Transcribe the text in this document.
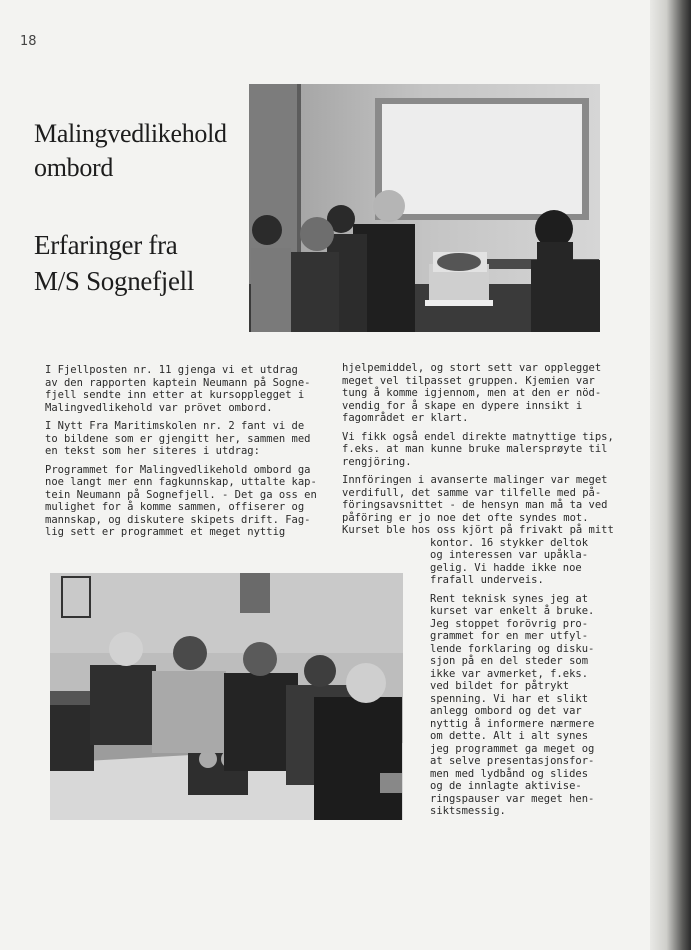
18
Malingvedlikehold
ombord
Erfaringer fra
M/S Sognefjell

I Fjellposten nr. 11 gjenga vi et utdrag
av den rapporten kaptein Neumann på Sogne-
fjell sendte inn etter at kursopplegget i
Malingvedlikehold var prövet ombord.

I Nytt Fra Maritimskolen nr. 2 fant vi de
to bildene som er gjengitt her, sammen med
en tekst som her siteres i utdrag:

Programmet for Malingvedlikehold ombord ga
noe langt mer enn fagkunnskap, uttalte kap-
tein Neumann på Sognefjell. - Det ga oss en
mulighet for å komme sammen, offiserer og
mannskap, og diskutere skipets drift. Fag-
lig sett er programmet et meget nyttig

hjelpemiddel, og stort sett var opplegget
meget vel tilpasset gruppen. Kjemien var
tung å komme igjennom, men at den er nöd-
vendig for å skape en dypere innsikt i
fagområdet er klart.

Vi fikk også endel direkte matnyttige tips,
f.eks. at man kunne bruke malersprøyte til
rengjöring.

Innföringen i avanserte malinger var meget
verdifull, det samme var tilfelle med på-
föringsavsnittet - de hensyn man må ta ved
påföring er jo noe det ofte syndes mot.
Kurset ble hos oss kjört på frivakt på mitt

kontor. 16 stykker deltok
og interessen var upåkla-
gelig. Vi hadde ikke noe
frafall underveis.

Rent teknisk synes jeg at
kurset var enkelt å bruke.
Jeg stoppet forövrig pro-
grammet for en mer utfyl-
lende forklaring og disku-
sjon på en del steder som
ikke var avmerket, f.eks.
ved bildet for påtrykt
spenning. Vi har et slikt
anlegg ombord og det var
nyttig å informere nærmere
om dette. Alt i alt synes
jeg programmet ga meget og
at selve presentasjonsfor-
men med lydbånd og slides
og de innlagte aktivise-
ringspauser var meget hen-
siktsmessig.
